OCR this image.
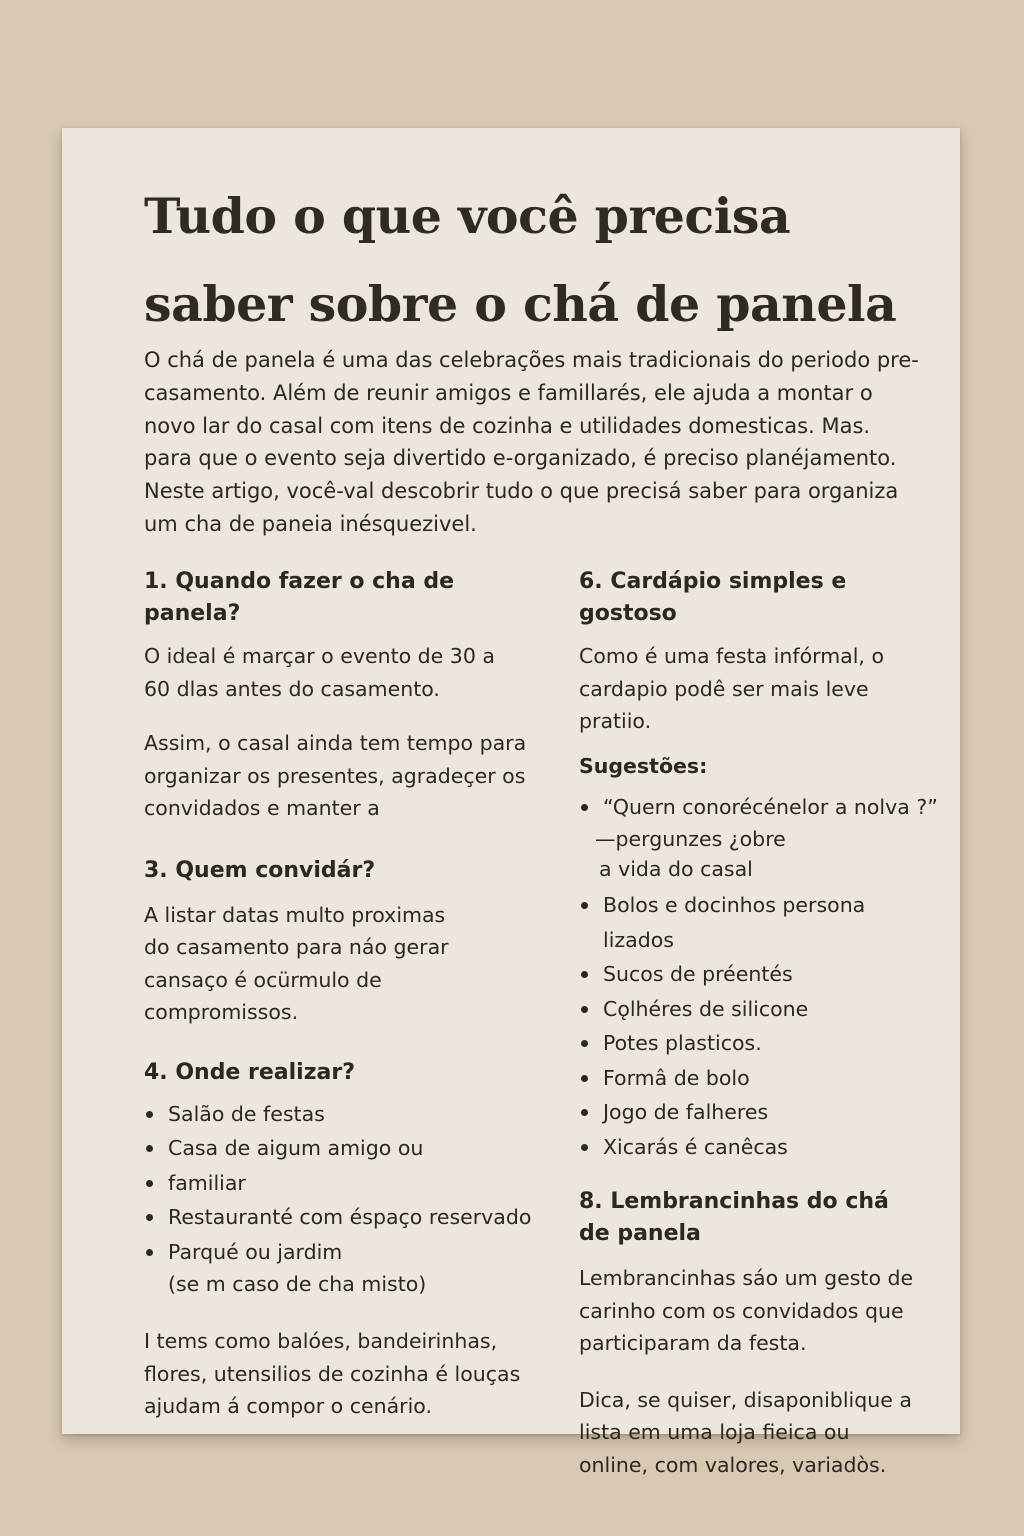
Tudo o que você precisa saber sobre o chá de panela

O chá de panela é uma das celebrações mais tradicionais do periodo pre-casamento. Além de reunir amigos e famillarés, ele ajuda a montar o novo lar do casal com itens de cozinha e utilidades domesticas. Mas. para que o evento seja divertido e-organizado, é preciso planéjamento. Neste artigo, você-val descobrir tudo o que precisá saber para organiza um cha de paneia inésquezivel.

1. Quando fazer o cha de panela?

O ideal é marçar o evento de 30 a 60 dlas antes do casamento.

Assim, o casal ainda tem tempo para organizar os presentes, agradeçer os convidados e manter a

3. Quem convidár?

A listar datas multo proximas do casamento para náo gerar cansaço é ocürmulo de compromissos.

4. Onde realizar?
Salão de festas
Casa de aigum amigo ou
familiar
Restauranté com éspaço reservado
Parqué ou jardim
(se m caso de cha misto)

I tems como balóes, bandeirinhas, flores, utensilios de cozinha é louças ajudam á compor o cenário.

6. Cardápio simples e gostoso

Como é uma festa infórmal, o cardapio podê ser mais leve pratiio.

Sugestões:
“Quern conorécénelor a nolva ?”
—pergunzes ¿obre
a vida do casal
Bolos e docinhos persona lizados
Sucos de préentés
Cǫlhéres de silicone
Potes plasticos.
Formâ de bolo
Jogo de falheres
Xicarás é canêcas
8. Lembrancinhas do chá de panela

Lembrancinhas sáo um gesto de carinho com os convidados que participaram da festa.

Dica, se quiser, disaponiblique a lista em uma loja fieica ou online, com valores, variadòs.
